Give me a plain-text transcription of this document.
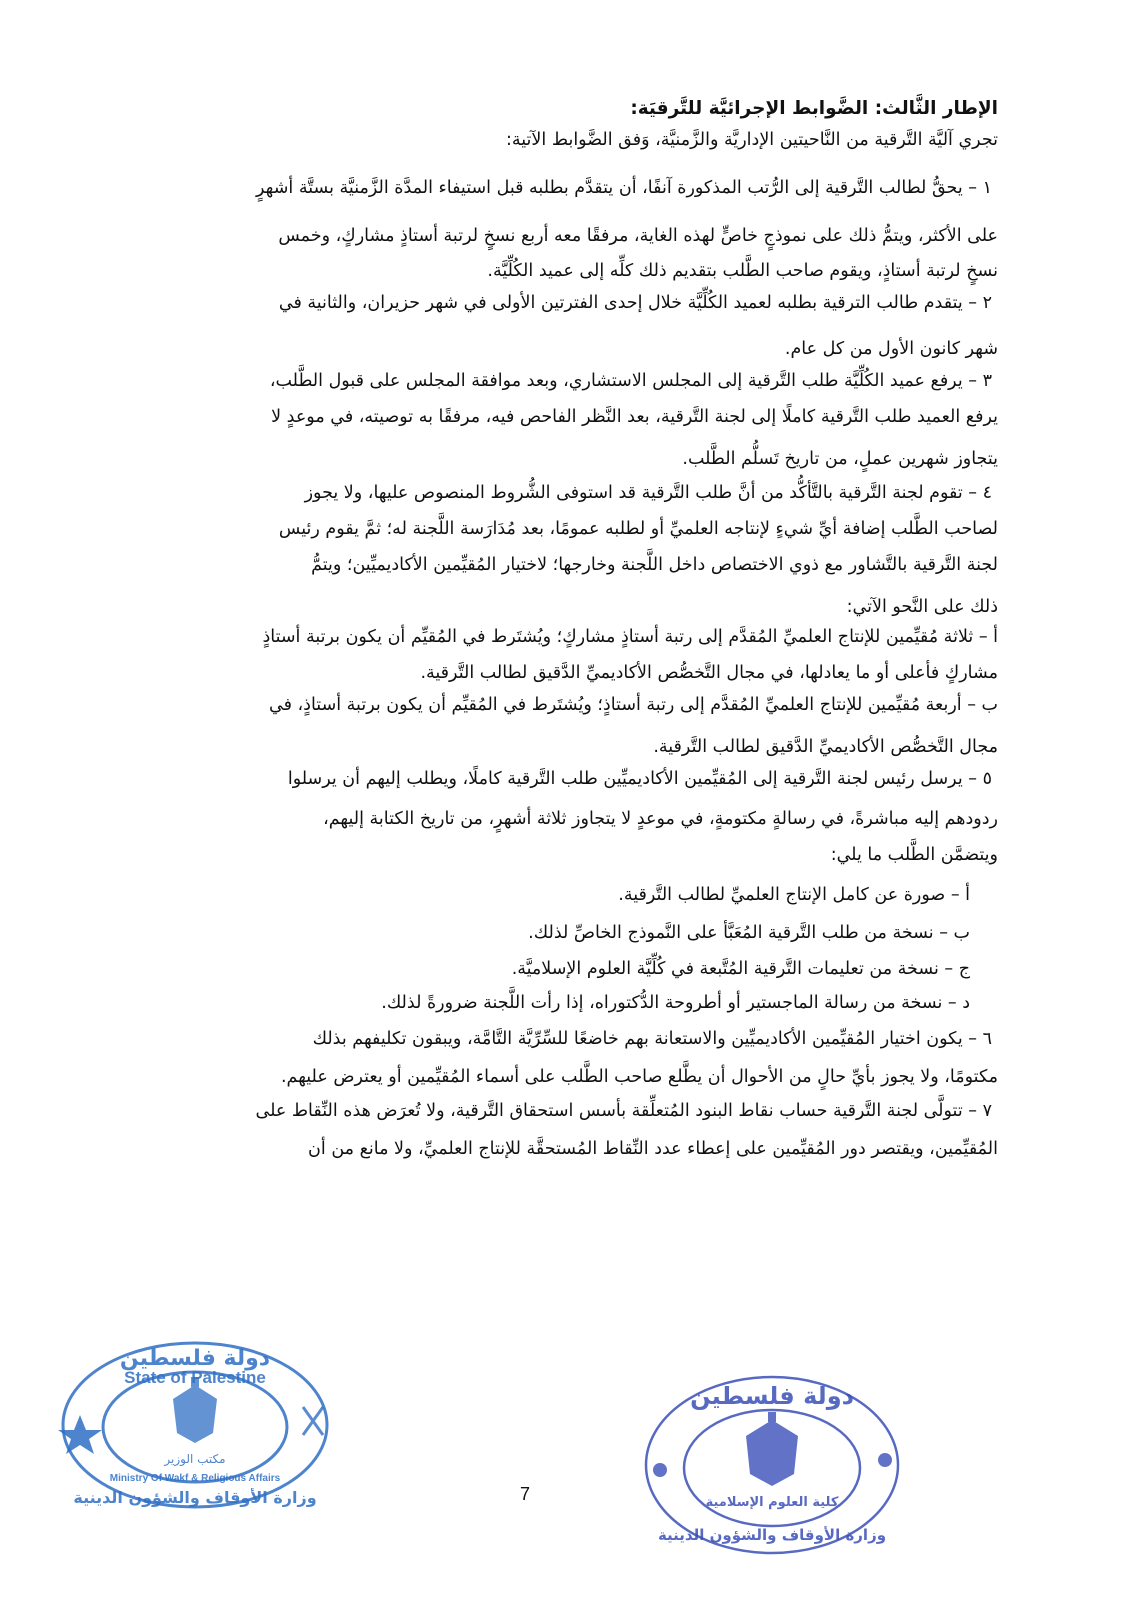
الإطار الثَّالث: الضَّوابط الإجرائيَّة للتَّرقيَة:
تجري آليَّة التَّرقية من النَّاحيتين الإداريَّة والزَّمنيَّة، وَفق الضَّوابط الآتية:
١ – يحقُّ لطالب التَّرقية إلى الرُّتب المذكورة آنفًا، أن يتقدَّم بطلبه قبل استيفاء المدَّة الزَّمنيَّة بستَّة أشهرٍ
على الأكثر، ويتمُّ ذلك على نموذجٍ خاصٍّ لهذه الغاية، مرفقًا معه أربع نسخٍ لرتبة أستاذٍ مشاركٍ، وخمس
نسخٍ لرتبة أستاذٍ، ويقوم صاحب الطَّلب بتقديم ذلك كلِّه إلى عميد الكُلِّيَّة.
٢ – يتقدم طالب الترقية بطلبه لعميد الكُلِّيَّة خلال إحدى الفترتين الأولى في شهر حزيران، والثانية في
شهر كانون الأول من كل عام.
٣ – يرفع عميد الكُلِّيَّة طلب التَّرقية إلى المجلس الاستشاري، وبعد موافقة المجلس على قبول الطَّلب،
يرفع العميد طلب التَّرقية كاملًا إلى لجنة التَّرقية، بعد النَّظر الفاحص فيه، مرفقًا به توصيته، في موعدٍ لا
يتجاوز شهرين عملٍ، من تاريخ تَسلُّم الطَّلب.
٤ – تقوم لجنة التَّرقية بالتَّأكُّد من أنَّ طلب التَّرقية قد استوفى الشُّروط المنصوص عليها، ولا يجوز
لصاحب الطَّلب إضافة أيِّ شيءٍ لإنتاجه العلميِّ أو لطلبه عمومًا، بعد مُدَارَسة اللَّجنة له؛ ثمَّ يقوم رئيس
لجنة التَّرقية بالتَّشاور مع ذوي الاختصاص داخل اللَّجنة وخارجها؛ لاختيار المُقيِّمين الأكاديميِّين؛ ويتمُّ
ذلك على النَّحو الآتي:
أ – ثلاثة مُقيِّمين للإنتاج العلميِّ المُقدَّم إلى رتبة أستاذٍ مشاركٍ؛ ويُشتَرط في المُقيِّم أن يكون برتبة أستاذٍ
مشاركٍ فأعلى أو ما يعادلها، في مجال التَّخصُّص الأكاديميِّ الدَّقيق لطالب التَّرقية.
ب – أربعة مُقيِّمين للإنتاج العلميِّ المُقدَّم إلى رتبة أستاذٍ؛ ويُشتَرط في المُقيِّم أن يكون برتبة أستاذٍ، في
مجال التَّخصُّص الأكاديميِّ الدَّقيق لطالب التَّرقية.
٥ – يرسل رئيس لجنة التَّرقية إلى المُقيِّمين الأكاديميِّين طلب التَّرقية كاملًا، ويطلب إليهم أن يرسلوا
ردودهم إليه مباشرةً، في رسالةٍ مكتومةٍ، في موعدٍ لا يتجاوز ثلاثة أشهرٍ، من تاريخ الكتابة إليهم،
ويتضمَّن الطَّلب ما يلي:
أ – صورة عن كامل الإنتاج العلميِّ لطالب التَّرقية.
ب – نسخة من طلب التَّرقية المُعَبَّأ على النَّموذج الخاصِّ لذلك.
ج – نسخة من تعليمات التَّرقية المُتَّبعة في كُلِّيَّة العلوم الإسلاميَّة.
د – نسخة من رسالة الماجستير أو أطروحة الدُّكتوراه، إذا رأت اللَّجنة ضرورةً لذلك.
٦ – يكون اختيار المُقيِّمين الأكاديميِّين والاستعانة بهم خاضعًا للسِّرِّيَّة التَّامَّة، ويبقون تكليفهم بذلك
مكتومًا، ولا يجوز بأيِّ حالٍ من الأحوال أن يطَّلع صاحب الطَّلب على أسماء المُقيِّمين أو يعترض عليهم.
٧ – تتولَّى لجنة التَّرقية حساب نقاط البنود المُتعلِّقة بأسس استحقاق التَّرقية، ولا تُعرَض هذه النِّقاط على
المُقيِّمين، ويقتصر دور المُقيِّمين على إعطاء عدد النِّقاط المُستحقَّة للإنتاج العلميِّ، ولا مانع من أن
دولة فلسطين
State of Palestine
مكتب الوزير
Ministry Of Wakf & Religious Affairs
وزارة الأوقاف والشؤون الدينية
دولة فلسطين
كلية العلوم الإسلامية
وزارة الأوقاف والشؤون الدينية
7
